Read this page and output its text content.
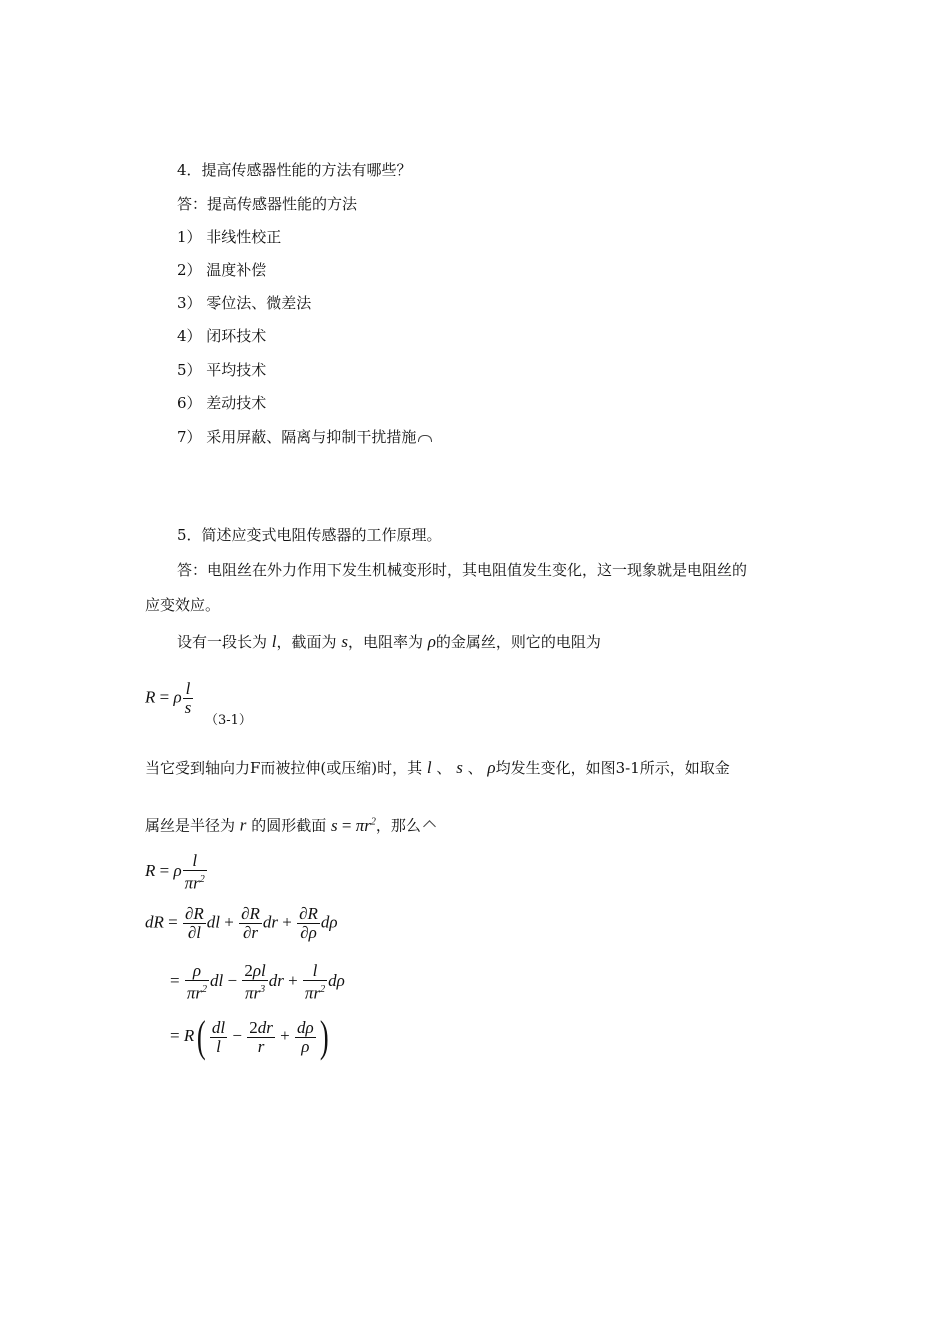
4．提高传感器性能的方法有哪些？
答：提高传感器性能的方法
1） 非线性校正
2） 温度补偿
3） 零位法、微差法
4） 闭环技术
5） 平均技术
6） 差动技术
7） 采用屏蔽、隔离与抑制干扰措施
5．简述应变式电阻传感器的工作原理。
答：电阻丝在外力作用下发生机械变形时，其电阻值发生变化，这一现象就是电阻丝的
应变效应。
设有一段长为 l，截面为 s，电阻率为 ρ的金属丝，则它的电阻为
R = ρ $\frac{l}{s}$
（3-1）
当它受到轴向力F而被拉伸(或压缩)时，其 l 、 s 、 ρ均发生变化，如图3-1所示，如取金
属丝是半径为 r 的圆形截面 $s = \pi r^2$，那么
R = ρ $\frac{l}{\pi r^2}$
dR = $\frac{\partial R}{\partial l}$ dl + $\frac{\partial R}{\partial r}$ dr + $\frac{\partial R}{\partial\rho}$ dρ
= $\frac{\rho}{\pi r^2}$ dl − $\frac{2\rho l}{\pi r^3}$ dr + $\frac{l}{\pi r^2}$ dρ
= $R( \frac{dl}{l} - \frac{2dr}{r} + \frac{d\rho}{\rho}$ )
